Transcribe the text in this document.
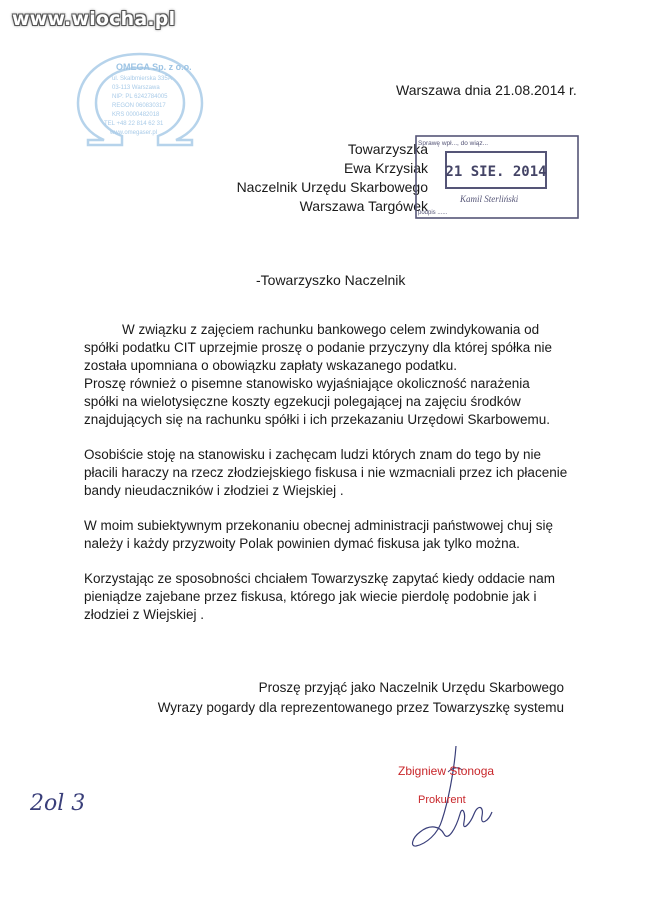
www.wiocha.pl
OMEGA Sp. z o.o.
ul. Skalbmierska 335A
03-113 Warszawa
NIP: PL 6242784005
REGON 060830317
KRS 0000482018
TEL +48 22 814 62 31
www.omegaser.pl
Warszawa dnia 21.08.2014 r.
Towarzyszka
Ewa Krzysiak
Naczelnik Urzędu Skarbowego
Warszawa Targówek
Sprawę wpł..., do wiąz...
21 SIE. 2014
Kamil Sterliński
podpis ......
-Towarzyszko Naczelnik

W związku z zajęciem rachunku bankowego celem zwindykowania od
spółki podatku CIT uprzejmie proszę o podanie przyczyny dla której spółka nie
została upomniana o obowiązku zapłaty wskazanego podatku.
Proszę również o pisemne stanowisko wyjaśniające okoliczność narażenia
spółki na wielotysięczne koszty egzekucji polegającej na zajęciu środków
znajdujących się na rachunku spółki i ich przekazaniu Urzędowi Skarbowemu.

Osobiście stoję na stanowisku i zachęcam ludzi których znam do tego by nie
płacili haraczy na rzecz złodziejskiego fiskusa i nie wzmacniali przez ich płacenie
bandy nieudaczników i złodziei z Wiejskiej .

W moim subiektywnym przekonaniu obecnej administracji państwowej chuj się
należy i każdy przyzwoity Polak powinien dymać fiskusa jak tylko można.

Korzystając ze sposobności chciałem Towarzyszkę zapytać kiedy oddacie nam
pieniądze zajebane przez fiskusa, którego jak wiecie pierdolę podobnie jak i
złodziei z Wiejskiej .

Proszę przyjąć jako Naczelnik Urzędu Skarbowego
Wyrazy pogardy dla reprezentowanego przez Towarzyszkę systemu
Zbigniew Stonoga
Prokurent
2ol 3
